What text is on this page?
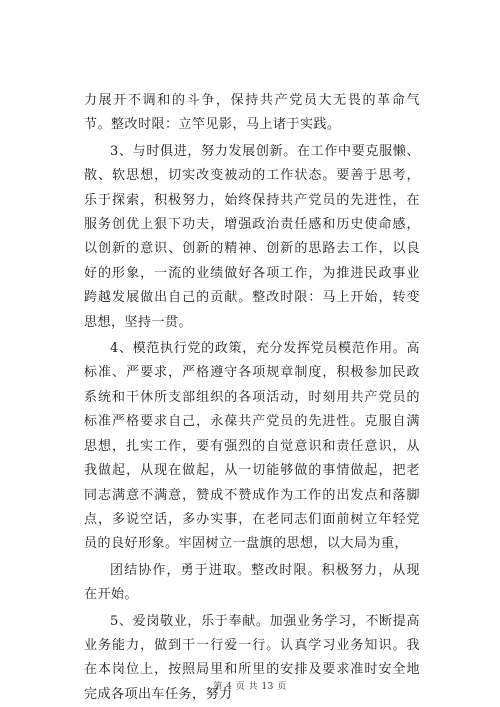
力展开不调和的斗争，保持共产党员大无畏的革命气节。整改时限：立竿见影，马上诸于实践。

3、与时俱进，努力发展创新。在工作中要克服懒、散、软思想，切实改变被动的工作状态。要善于思考，乐于探索，积极努力，始终保持共产党员的先进性，在服务创优上狠下功夫，增强政治责任感和历史使命感，以创新的意识、创新的精神、创新的思路去工作，以良好的形象，一流的业绩做好各项工作，为推进民政事业跨越发展做出自己的贡献。整改时限：马上开始，转变思想，坚持一贯。

4、模范执行党的政策，充分发挥党员模范作用。高标准、严要求，严格遵守各项规章制度，积极参加民政系统和干休所支部组织的各项活动，时刻用共产党员的标准严格要求自己，永葆共产党员的先进性。克服自满思想，扎实工作，要有强烈的自觉意识和责任意识，从我做起，从现在做起，从一切能够做的事情做起，把老同志满意不满意，赞成不赞成作为工作的出发点和落脚点，多说空话，多办实事，在老同志们面前树立年轻党员的良好形象。牢固树立一盘旗的思想，以大局为重，

团结协作，勇于进取。整改时限。积极努力，从现在开始。

5、爱岗敬业，乐于奉献。加强业务学习，不断提高业务能力，做到干一行爱一行。认真学习业务知识。我在本岗位上，按照局里和所里的安排及要求准时安全地完成各项出车任务，努力

第 4 页 共 13 页
